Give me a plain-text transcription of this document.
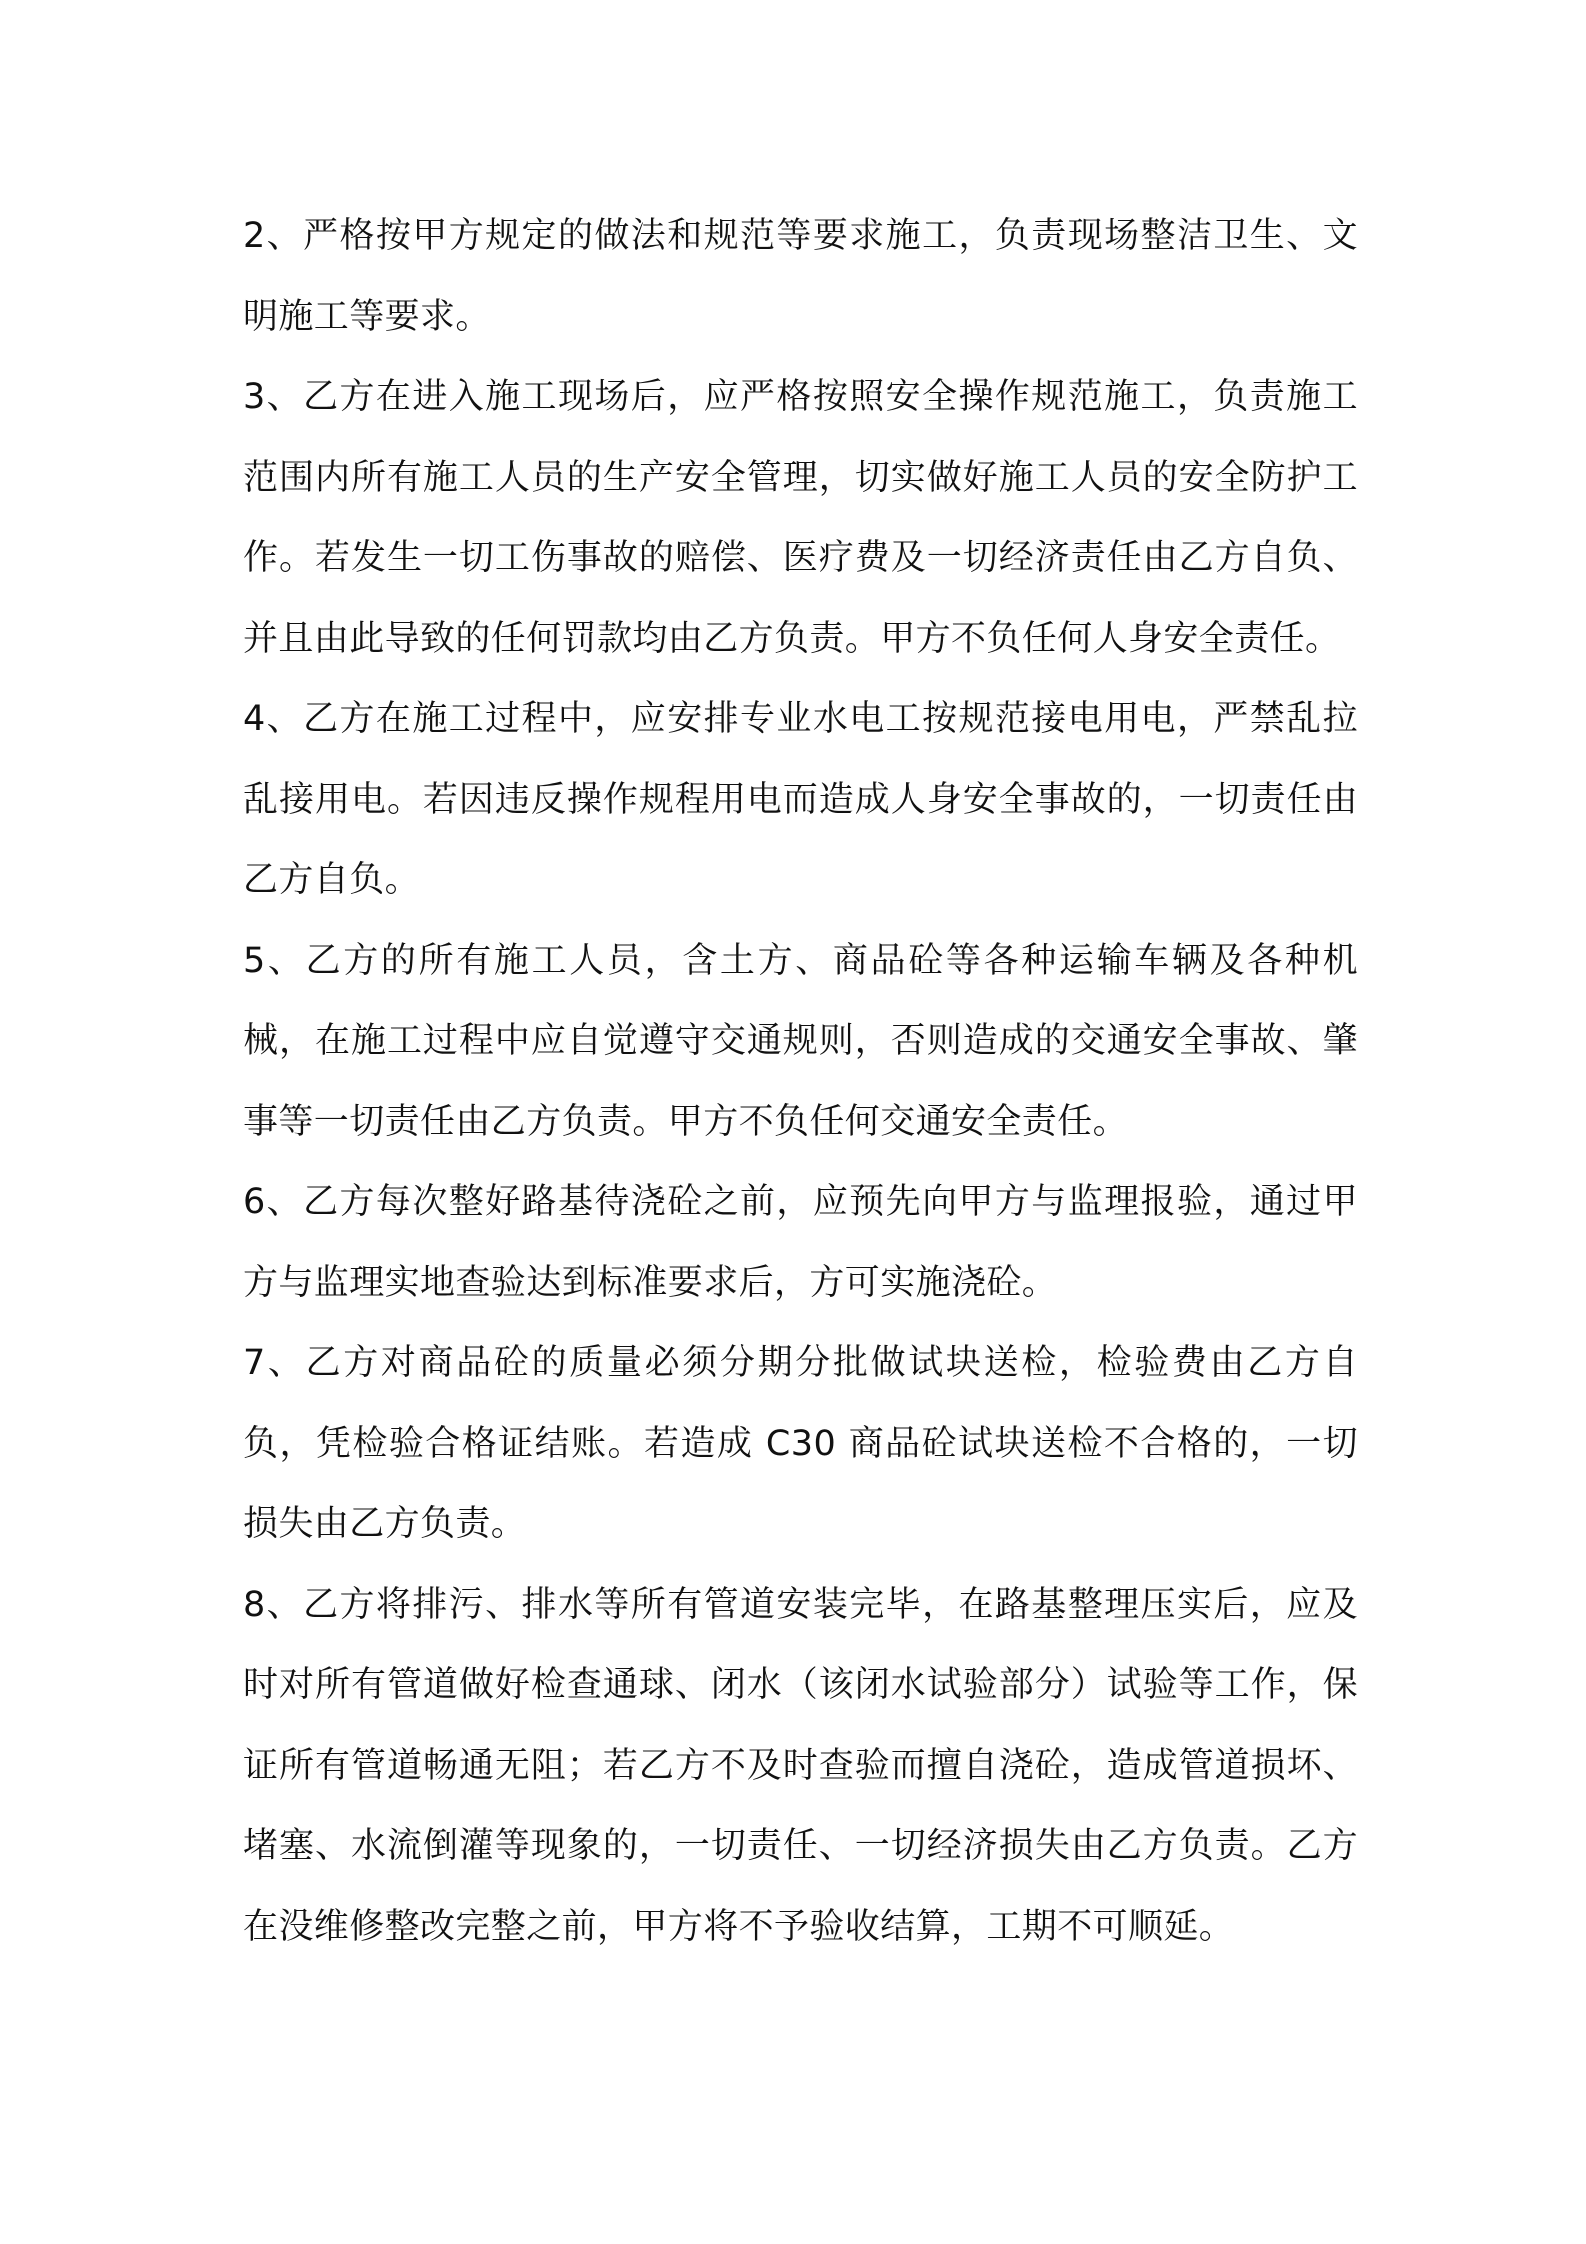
2、严格按甲方规定的做法和规范等要求施工，负责现场整洁卫生、文明施工等要求。

3、乙方在进入施工现场后，应严格按照安全操作规范施工，负责施工范围内所有施工人员的生产安全管理，切实做好施工人员的安全防护工作。若发生一切工伤事故的赔偿、医疗费及一切经济责任由乙方自负、并且由此导致的任何罚款均由乙方负责。甲方不负任何人身安全责任。

4、乙方在施工过程中，应安排专业水电工按规范接电用电，严禁乱拉乱接用电。若因违反操作规程用电而造成人身安全事故的，一切责任由乙方自负。

5、乙方的所有施工人员，含土方、商品砼等各种运输车辆及各种机械，在施工过程中应自觉遵守交通规则，否则造成的交通安全事故、肇事等一切责任由乙方负责。甲方不负任何交通安全责任。

6、乙方每次整好路基待浇砼之前，应预先向甲方与监理报验，通过甲方与监理实地查验达到标准要求后，方可实施浇砼。

7、乙方对商品砼的质量必须分期分批做试块送检，检验费由乙方自负，凭检验合格证结账。若造成 C30 商品砼试块送检不合格的，一切损失由乙方负责。

8、乙方将排污、排水等所有管道安装完毕，在路基整理压实后，应及时对所有管道做好检查通球、闭水（该闭水试验部分）试验等工作，保证所有管道畅通无阻；若乙方不及时查验而擅自浇砼，造成管道损坏、堵塞、水流倒灌等现象的，一切责任、一切经济损失由乙方负责。乙方在没维修整改完整之前，甲方将不予验收结算，工期不可顺延。
